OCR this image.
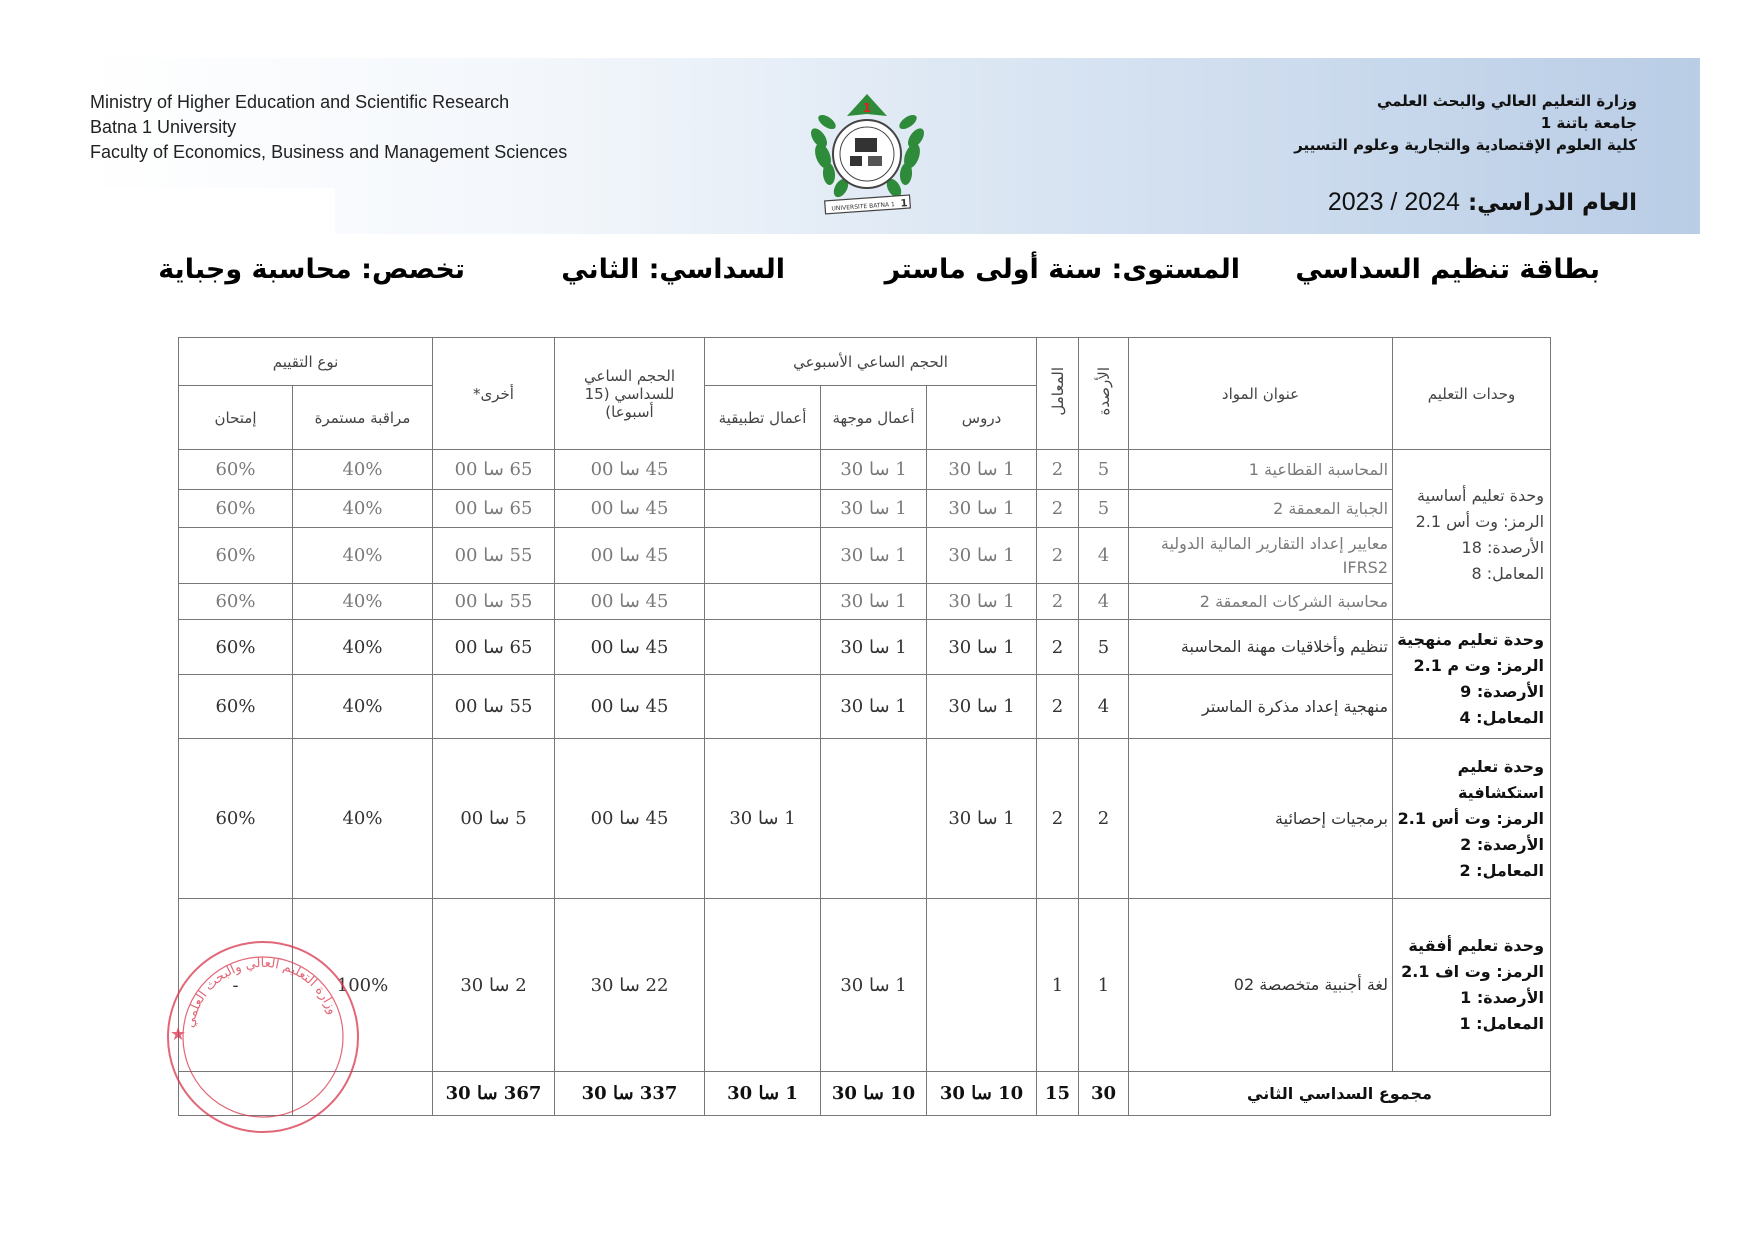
Ministry of Higher Education and Scientific Research
Batna 1 University
Faculty of Economics, Business and Management Sciences
وزارة التعليم العالي والبحث العلمي
جامعة باتنة 1
كلية العلوم الإقتصادية والتجارية وعلوم التسيير
العام الدراسي: 2024 / 2023
1
UNIVERSITE BATNA 1 1
بطاقة تنظيم السداسي
المستوى: سنة أولى ماستر
السداسي: الثاني
تخصص: محاسبة وجباية
وحدات التعليم	عنوان المواد	الأرصدة	المعامل	الحجم الساعي الأسبوعي			الحجم الساعي للسداسي (15 أسبوعا)	أخرى*	نوع التقييم	
				دروس	أعمال موجهة	أعمال تطبيقية			مراقبة مستمرة	إمتحان

وحدة تعليم أساسية
الرمز: وت أس 2.1
الأرصدة: 18
المعامل: 8	المحاسبة القطاعية 1	5	2	1 سا 30	1 سا 30		45 سا 00	65 سا 00	40%	60%
	الجباية المعمقة 2	5	2	1 سا 30	1 سا 30		45 سا 00	65 سا 00	40%	60%
	معايير إعداد التقارير المالية الدولية IFRS2	4	2	1 سا 30	1 سا 30		45 سا 00	55 سا 00	40%	60%
	محاسبة الشركات المعمقة 2	4	2	1 سا 30	1 سا 30		45 سا 00	55 سا 00	40%	60%

وحدة تعليم منهجية
الرمز: وت م 2.1
الأرصدة: 9
المعامل: 4	تنظيم وأخلاقيات مهنة المحاسبة	5	2	1 سا 30	1 سا 30		45 سا 00	65 سا 00	40%	60%
	منهجية إعداد مذكرة الماستر	4	2	1 سا 30	1 سا 30		45 سا 00	55 سا 00	40%	60%

وحدة تعليم استكشافية
الرمز: وت أس 2.1
الأرصدة: 2
المعامل: 2	برمجيات إحصائية	2	2	1 سا 30		1 سا 30	45 سا 00	5 سا 00	40%	60%

وحدة تعليم أفقية
الرمز: وت اف 2.1
الأرصدة: 1
المعامل: 1	لغة أجنبية متخصصة 02	1	1		1 سا 30		22 سا 30	2 سا 30	100%	-
مجموع السداسي الثاني		30	15	10 سا 30	10 سا 30	1 سا 30	337 سا 30	367 سا 30		
وزارة التعليم العالي والبحث العلمي
★
